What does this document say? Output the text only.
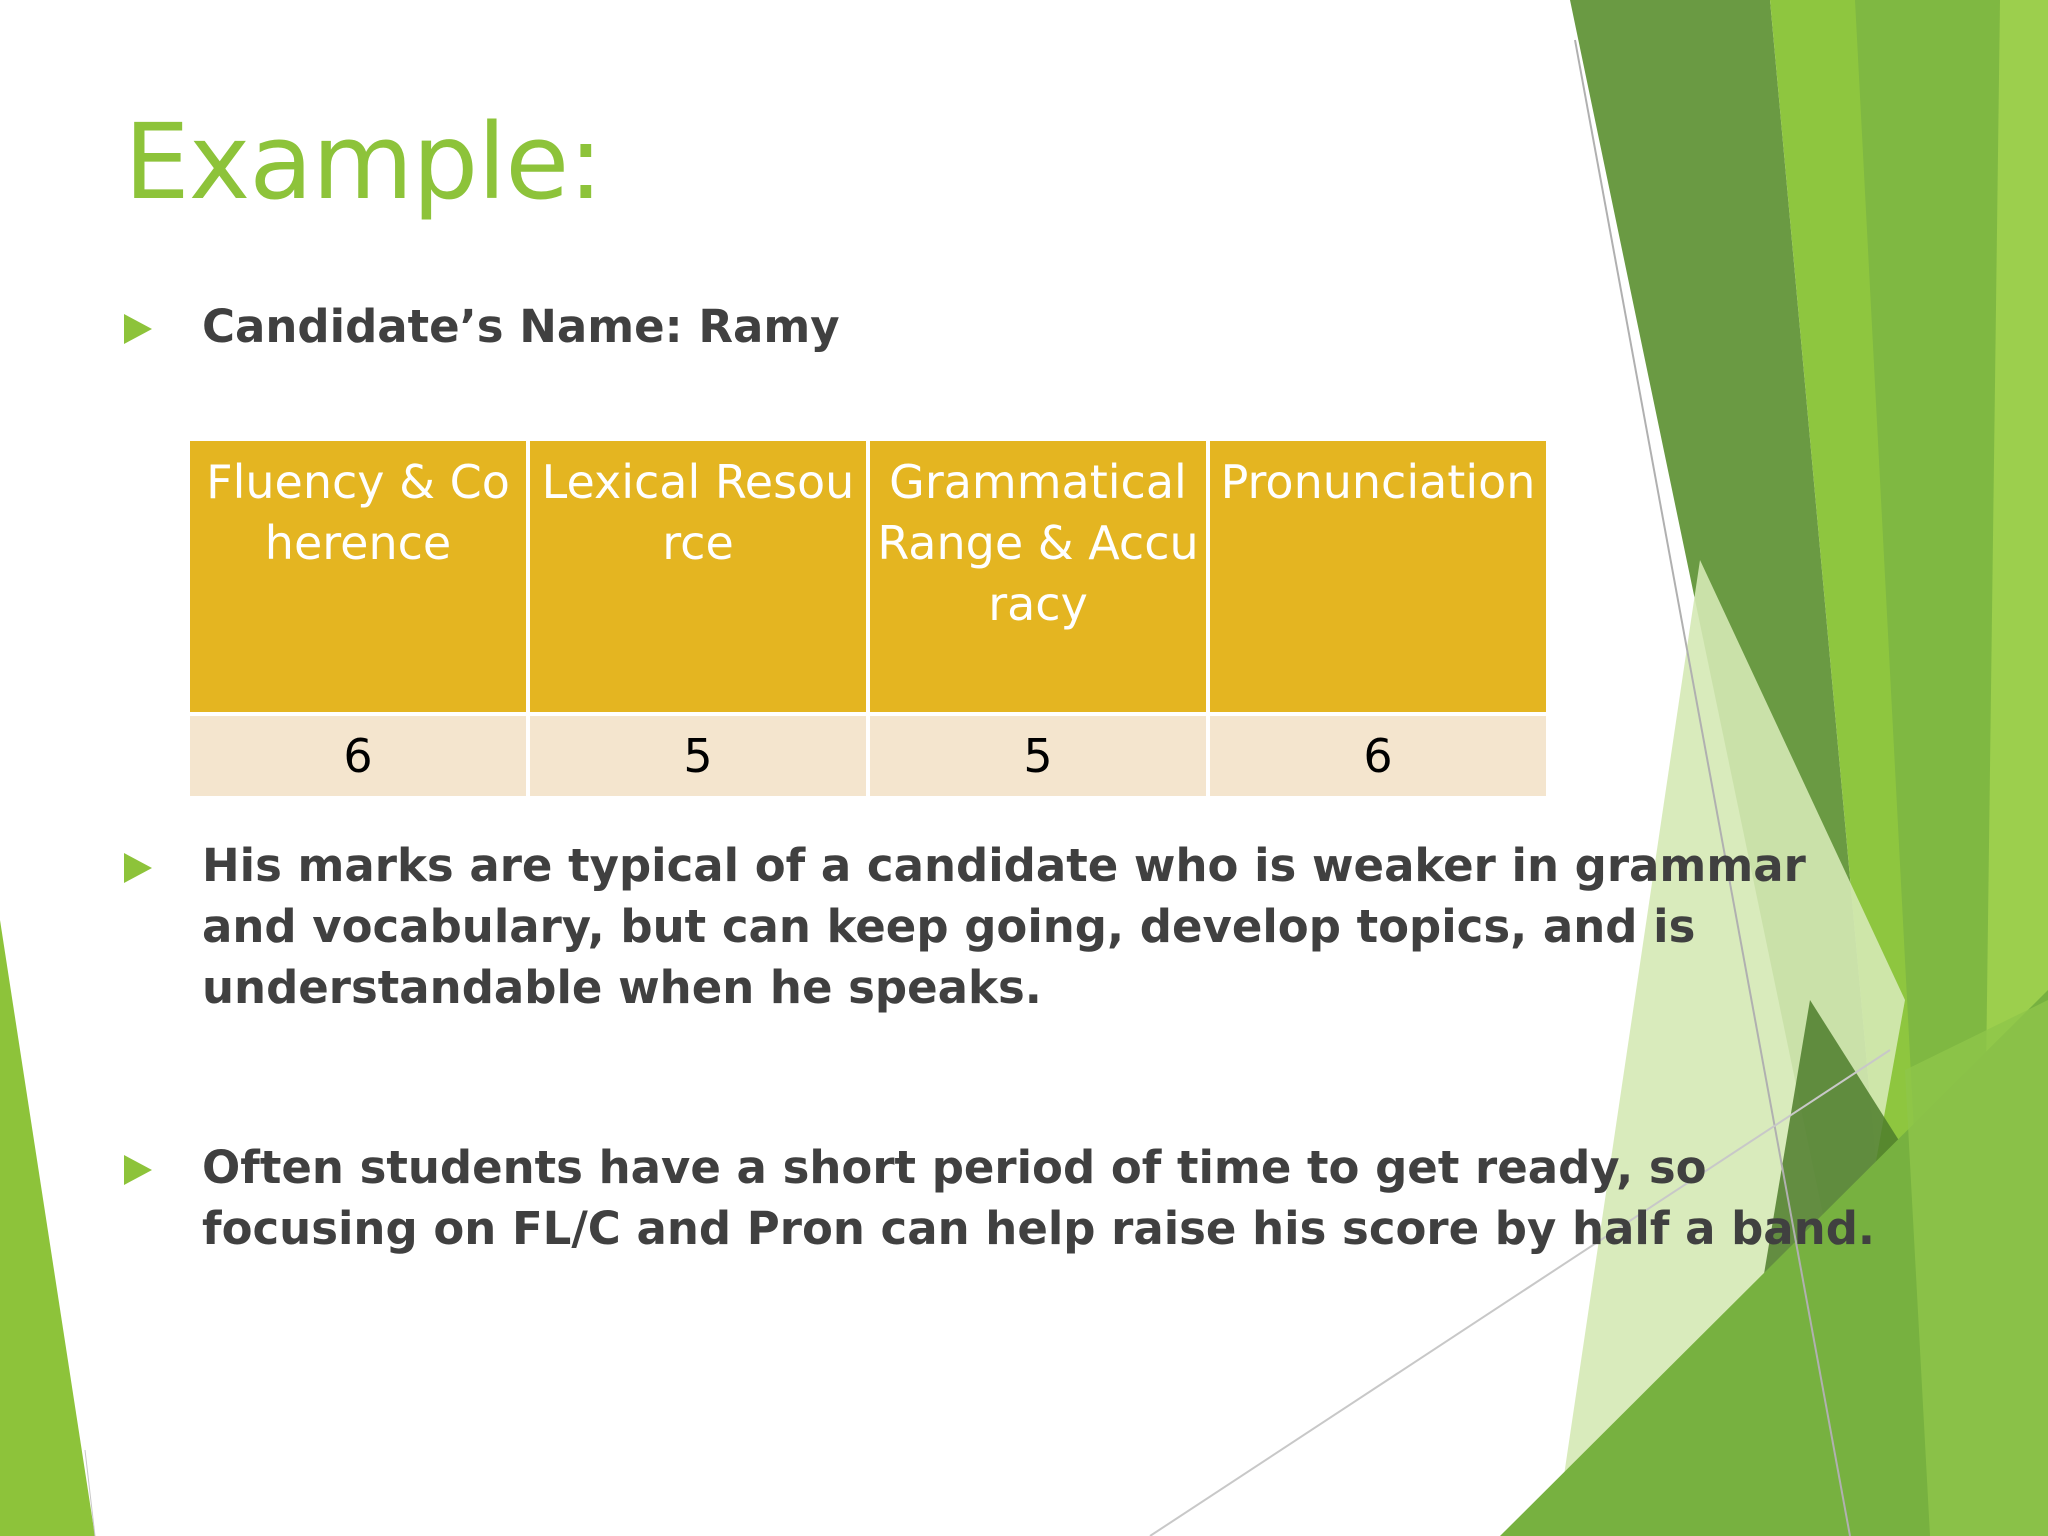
Example:
Candidate’s Name: Ramy
Fluency & Coherence	Lexical Resource	Grammatical Range & Accuracy	Pronunciation
6	5	5	6
His marks are typical of a candidate who is weaker in grammar and vocabulary, but can keep going, develop topics, and is understandable when he speaks.
Often students have a short period of time to get ready, so focusing on FL/C and Pron can help raise his score by half a band.
